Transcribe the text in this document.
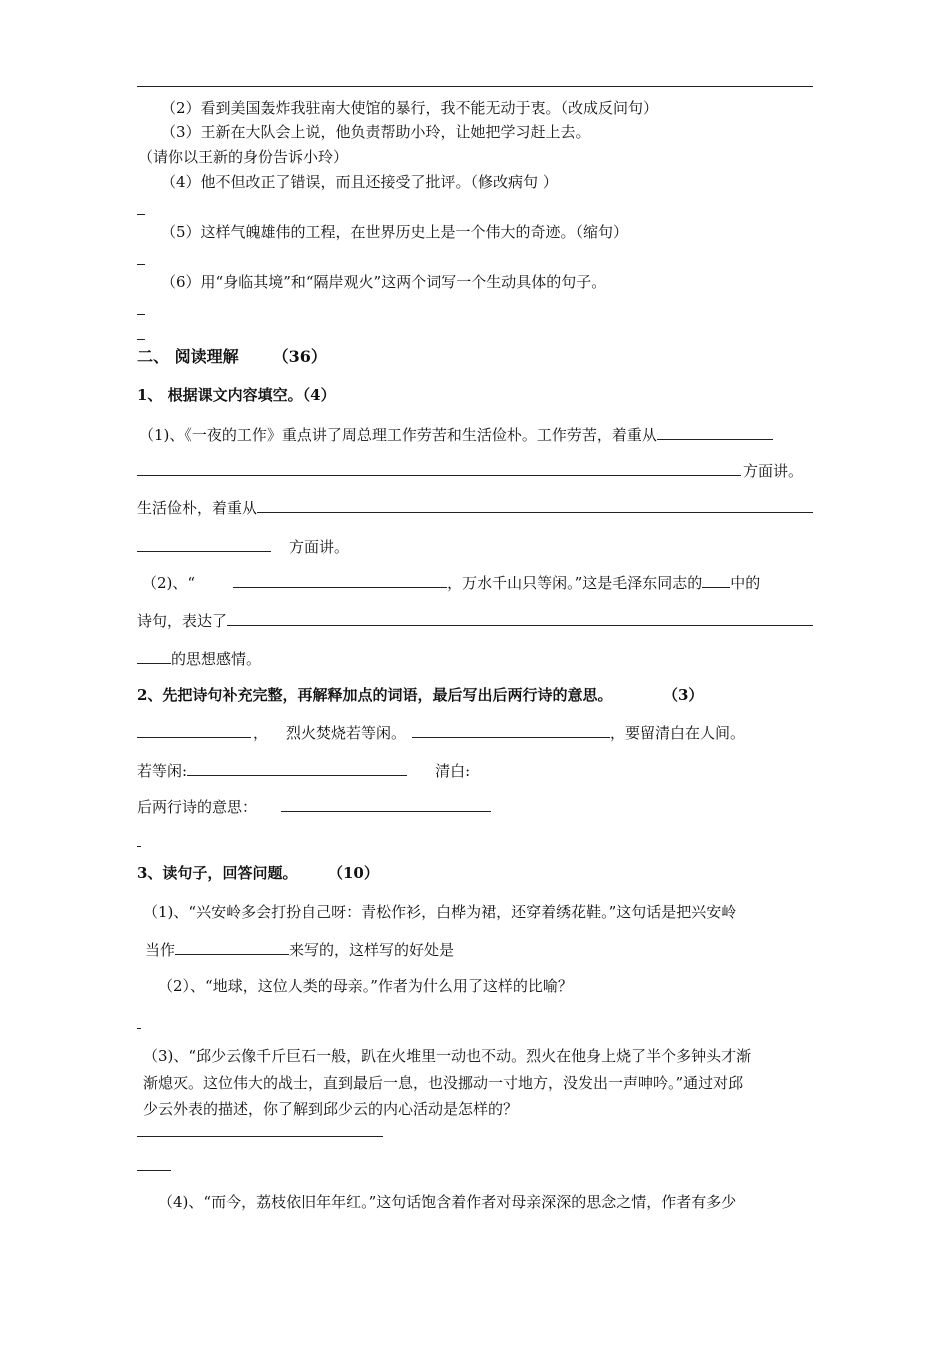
（2）看到美国轰炸我驻南大使馆的暴行，我不能无动于衷。（改成反问句）
（3）王新在大队会上说，他负责帮助小玲，让她把学习赶上去。
（请你以王新的身份告诉小玲）
（4）他不但改正了错误，而且还接受了批评。（修改病句 ）
（5）这样气魄雄伟的工程，在世界历史上是一个伟大的奇迹。（缩句）
（6）用“身临其境”和“隔岸观火”这两个词写一个生动具体的句子。
二、 阅读理解 （36）
1、 根据课文内容填空。（4）
（1)、《一夜的工作》重点讲了周总理工作劳苦和生活俭朴。工作劳苦，着重从
方面讲。
生活俭朴，着重从
方面讲。
（2)、“	，万水千山只等闲。”这是毛泽东同志的 中的
诗句，表达了
的思想感情。
2、先把诗句补充完整，再解释加点的词语，最后写出后两行诗的意思。	（3）
， 烈火焚烧若等闲。	，要留清白在人间。
若等闲:	清白:
后两行诗的意思：
3、读句子，回答问题。	（10）
（1)、“兴安岭多会打扮自己呀：青松作衫，白桦为裙，还穿着绣花鞋。”这句话是把兴安岭
当作	来写的，这样写的好处是
（2）、“地球，这位人类的母亲。”作者为什么用了这样的比喻？
（3)、“邱少云像千斤巨石一般，趴在火堆里一动也不动。烈火在他身上烧了半个多钟头才渐
渐熄灭。这位伟大的战士，直到最后一息，也没挪动一寸地方，没发出一声呻吟。”通过对邱
少云外表的描述，你了解到邱少云的内心活动是怎样的？
（4)、“而今，荔枝依旧年年红。”这句话饱含着作者对母亲深深的思念之情，作者有多少
